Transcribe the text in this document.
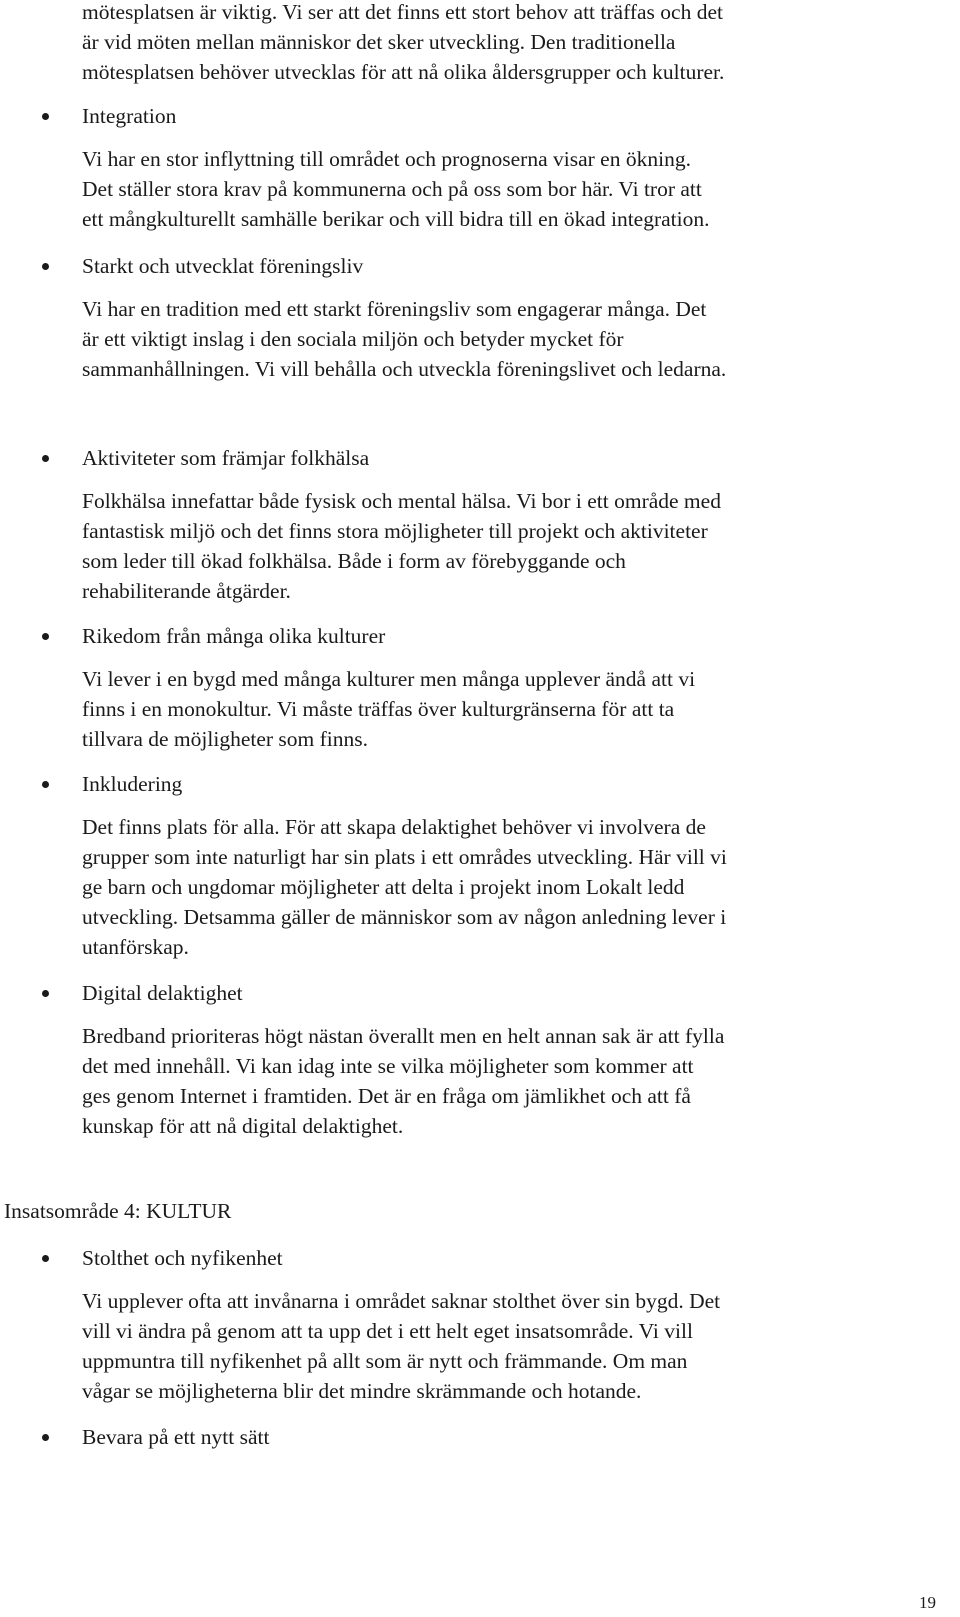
mötesplatsen är viktig. Vi ser att det finns ett stort behov att träffas och det
är vid möten mellan människor det sker utveckling. Den traditionella
mötesplatsen behöver utvecklas för att nå olika åldersgrupper och kulturer.
Integration
Vi har en stor inflyttning till området och prognoserna visar en ökning.
Det ställer stora krav på kommunerna och på oss som bor här. Vi tror att
ett mångkulturellt samhälle berikar och vill bidra till en ökad integration.
Starkt och utvecklat föreningsliv
Vi har en tradition med ett starkt föreningsliv som engagerar många. Det
är ett viktigt inslag i den sociala miljön och betyder mycket för
sammanhållningen. Vi vill behålla och utveckla föreningslivet och ledarna.
Aktiviteter som främjar folkhälsa
Folkhälsa innefattar både fysisk och mental hälsa. Vi bor i ett område med
fantastisk miljö och det finns stora möjligheter till projekt och aktiviteter
som leder till ökad folkhälsa. Både i form av förebyggande och
rehabiliterande åtgärder.
Rikedom från många olika kulturer
Vi lever i en bygd med många kulturer men många upplever ändå att vi
finns i en monokultur. Vi måste träffas över kulturgränserna för att ta
tillvara de möjligheter som finns.
Inkludering
Det finns plats för alla. För att skapa delaktighet behöver vi involvera de
grupper som inte naturligt har sin plats i ett områdes utveckling. Här vill vi
ge barn och ungdomar möjligheter att delta i projekt inom Lokalt ledd
utveckling. Detsamma gäller de människor som av någon anledning lever i
utanförskap.
Digital delaktighet
Bredband prioriteras högt nästan överallt men en helt annan sak är att fylla
det med innehåll. Vi kan idag inte se vilka möjligheter som kommer att
ges genom Internet i framtiden. Det är en fråga om jämlikhet och att få
kunskap för att nå digital delaktighet.
Insatsområde 4: KULTUR
Stolthet och nyfikenhet
Vi upplever ofta att invånarna i området saknar stolthet över sin bygd. Det
vill vi ändra på genom att ta upp det i ett helt eget insatsområde. Vi vill
uppmuntra till nyfikenhet på allt som är nytt och främmande. Om man
vågar se möjligheterna blir det mindre skrämmande och hotande.
Bevara på ett nytt sätt
19
